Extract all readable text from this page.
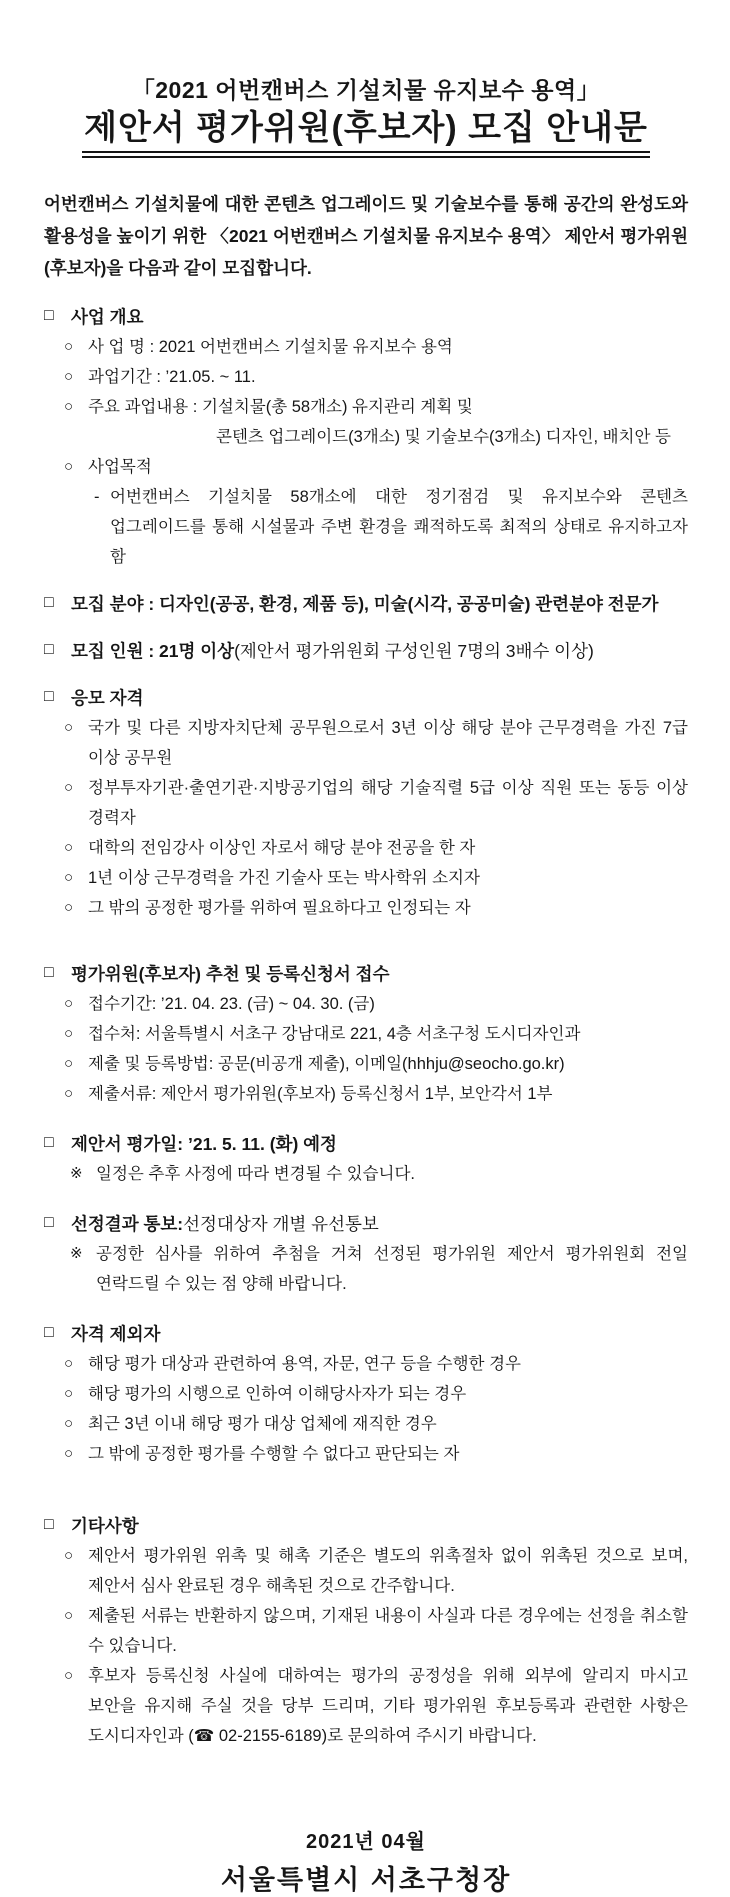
「2021 어번캔버스 기설치물 유지보수 용역」
제안서 평가위원(후보자) 모집 안내문

어번캔버스 기설치물에 대한 콘텐츠 업그레이드 및 기술보수를 통해 공간의 완성도와 활용성을 높이기 위한 〈2021 어번캔버스 기설치물 유지보수 용역〉 제안서 평가위원(후보자)을 다음과 같이 모집합니다.

□ 사업 개요
○ 사 업 명 : 2021 어번캔버스 기설치물 유지보수 용역
○ 과업기간 : ’21.05. ~ 11.
○ 주요 과업내용 : 기설치물(총 58개소) 유지관리 계획 및
콘텐츠 업그레이드(3개소) 및 기술보수(3개소) 디자인, 배치안 등
○ 사업목적
- 어번캔버스 기설치물 58개소에 대한 정기점검 및 유지보수와 콘텐츠 업그레이드를 통해 시설물과 주변 환경을 쾌적하도록 최적의 상태로 유지하고자 함
□ 모집 분야 : 디자인(공공, 환경, 제품 등), 미술(시각, 공공미술) 관련분야 전문가
□ 모집 인원 : 21명 이상 (제안서 평가위원회 구성인원 7명의 3배수 이상)
□ 응모 자격
○ 국가 및 다른 지방자치단체 공무원으로서 3년 이상 해당 분야 근무경력을 가진 7급 이상 공무원
○ 정부투자기관·출연기관·지방공기업의 해당 기술직렬 5급 이상 직원 또는 동등 이상 경력자
○ 대학의 전임강사 이상인 자로서 해당 분야 전공을 한 자
○ 1년 이상 근무경력을 가진 기술사 또는 박사학위 소지자
○ 그 밖의 공정한 평가를 위하여 필요하다고 인정되는 자
□ 평가위원(후보자) 추천 및 등록신청서 접수
○ 접수기간: ’21. 04. 23. (금) ~ 04. 30. (금)
○ 접수처: 서울특별시 서초구 강남대로 221, 4층 서초구청 도시디자인과
○ 제출 및 등록방법: 공문(비공개 제출), 이메일(hhhju@seocho.go.kr)
○ 제출서류: 제안서 평가위원(후보자) 등록신청서 1부, 보안각서 1부
□ 제안서 평가일: ’21. 5. 11. (화) 예정
※ 일정은 추후 사정에 따라 변경될 수 있습니다.
□ 선정결과 통보: 선정대상자 개별 유선통보
※ 공정한 심사를 위하여 추첨을 거쳐 선정된 평가위원 제안서 평가위원회 전일 연락드릴 수 있는 점 양해 바랍니다.
□ 자격 제외자
○ 해당 평가 대상과 관련하여 용역, 자문, 연구 등을 수행한 경우
○ 해당 평가의 시행으로 인하여 이해당사자가 되는 경우
○ 최근 3년 이내 해당 평가 대상 업체에 재직한 경우
○ 그 밖에 공정한 평가를 수행할 수 없다고 판단되는 자
□ 기타사항
○ 제안서 평가위원 위촉 및 해촉 기준은 별도의 위촉절차 없이 위촉된 것으로 보며, 제안서 심사 완료된 경우 해촉된 것으로 간주합니다.
○ 제출된 서류는 반환하지 않으며, 기재된 내용이 사실과 다른 경우에는 선정을 취소할 수 있습니다.
○ 후보자 등록신청 사실에 대하여는 평가의 공정성을 위해 외부에 알리지 마시고 보안을 유지해 주실 것을 당부 드리며, 기타 평가위원 후보등록과 관련한 사항은 도시디자인과 (☎ 02-2155-6189)로 문의하여 주시기 바랍니다.
2021년 04월
서울특별시 서초구청장
